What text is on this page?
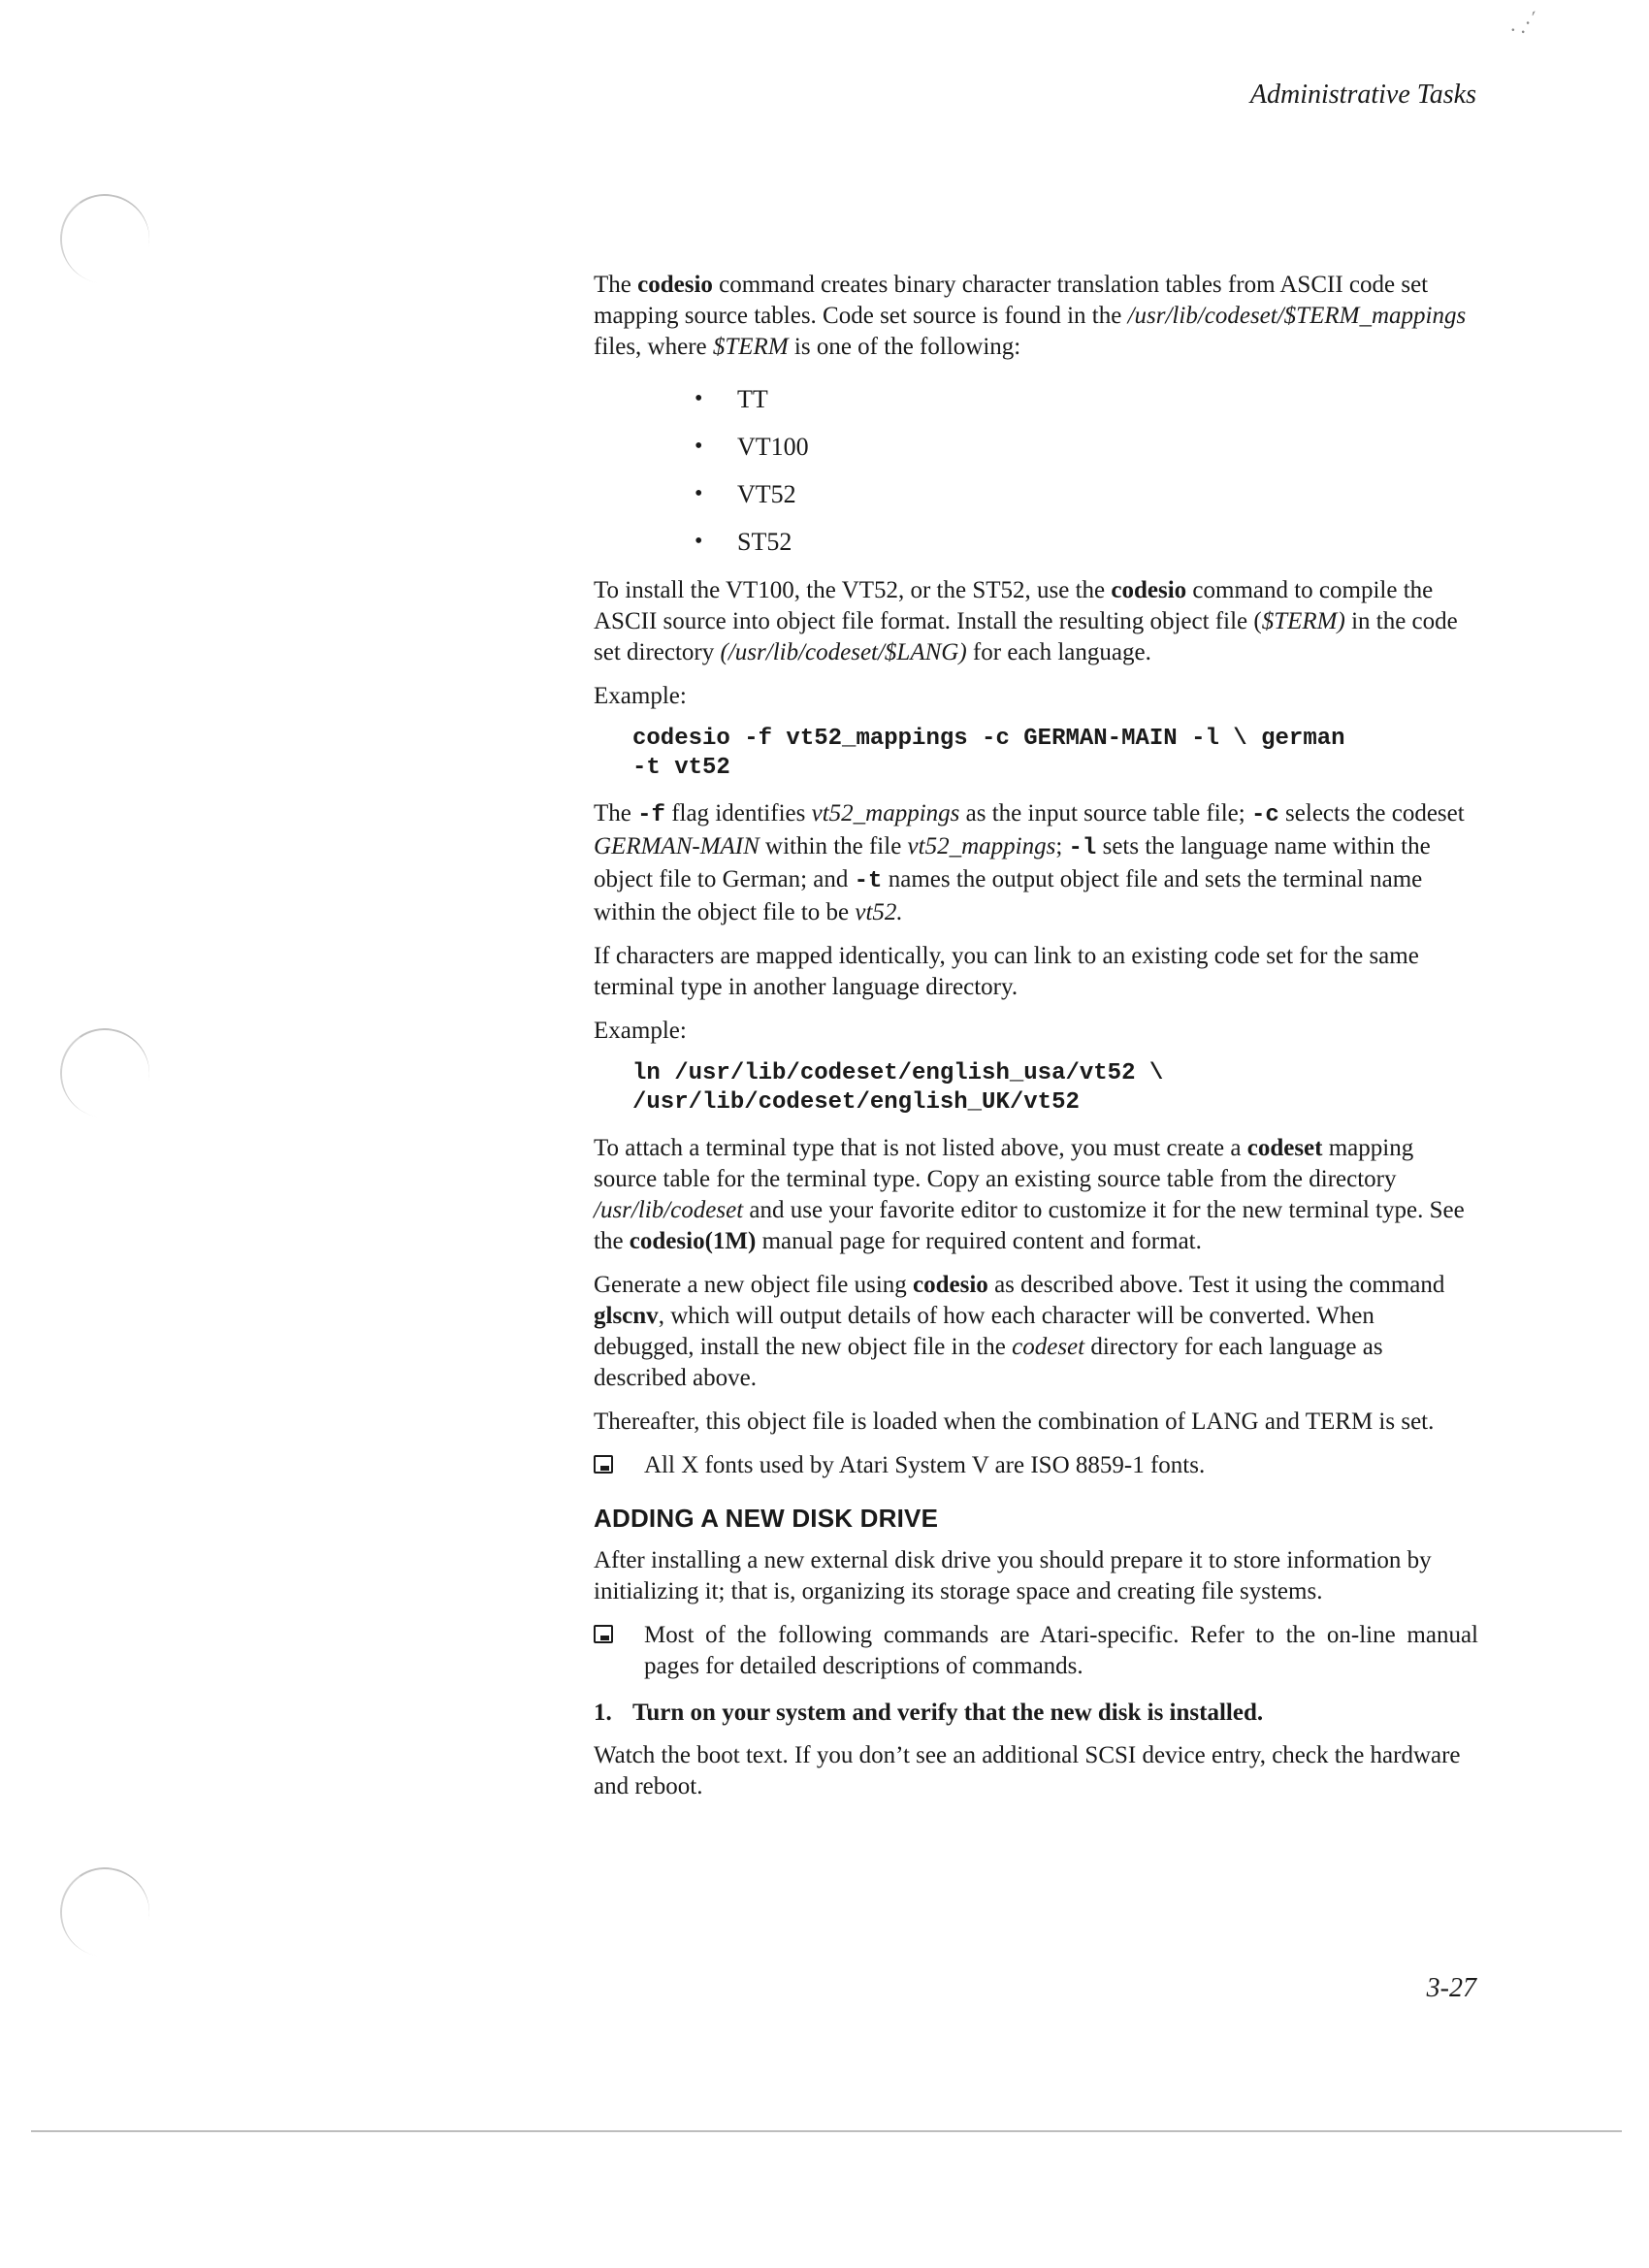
·.·ˊ
Administrative Tasks

The codesio command creates binary character translation tables from ASCII code set mapping source tables. Code set source is found in the /usr/lib/codeset/$TERM_mappings files, where $TERM is one of the following:

• TT
• VT100
• VT52
• ST52

To install the VT100, the VT52, or the ST52, use the codesio command to compile the ASCII source into object file format. Install the resulting object file ($TERM) in the code set directory (/usr/lib/codeset/$LANG) for each language.

Example:

codesio -f vt52_mappings -c GERMAN-MAIN -l \ german
-t vt52

The -f flag identifies vt52_mappings as the input source table file; -c selects the codeset GERMAN-MAIN within the file vt52_mappings; -l sets the language name within the object file to German; and -t names the output object file and sets the terminal name within the object file to be vt52.

If characters are mapped identically, you can link to an existing code set for the same terminal type in another language directory.

Example:

ln /usr/lib/codeset/english_usa/vt52 \
/usr/lib/codeset/english_UK/vt52

To attach a terminal type that is not listed above, you must create a codeset mapping source table for the terminal type. Copy an existing source table from the directory /usr/lib/codeset and use your favorite editor to customize it for the new terminal type. See the codesio(1M) manual page for required content and format.

Generate a new object file using codesio as described above. Test it using the command glscnv, which will output details of how each character will be converted. When debugged, install the new object file in the codeset directory for each language as described above.

Thereafter, this object file is loaded when the combination of LANG and TERM is set.

All X fonts used by Atari System V are ISO 8859-1 fonts.
ADDING A NEW DISK DRIVE

After installing a new external disk drive you should prepare it to store information by initializing it; that is, organizing its storage space and creating file systems.

Most of the following commands are Atari-specific. Refer to the on-line manual pages for detailed descriptions of commands.
1. Turn on your system and verify that the new disk is installed.

Watch the boot text. If you don’t see an additional SCSI device entry, check the hardware and reboot.

3-27
